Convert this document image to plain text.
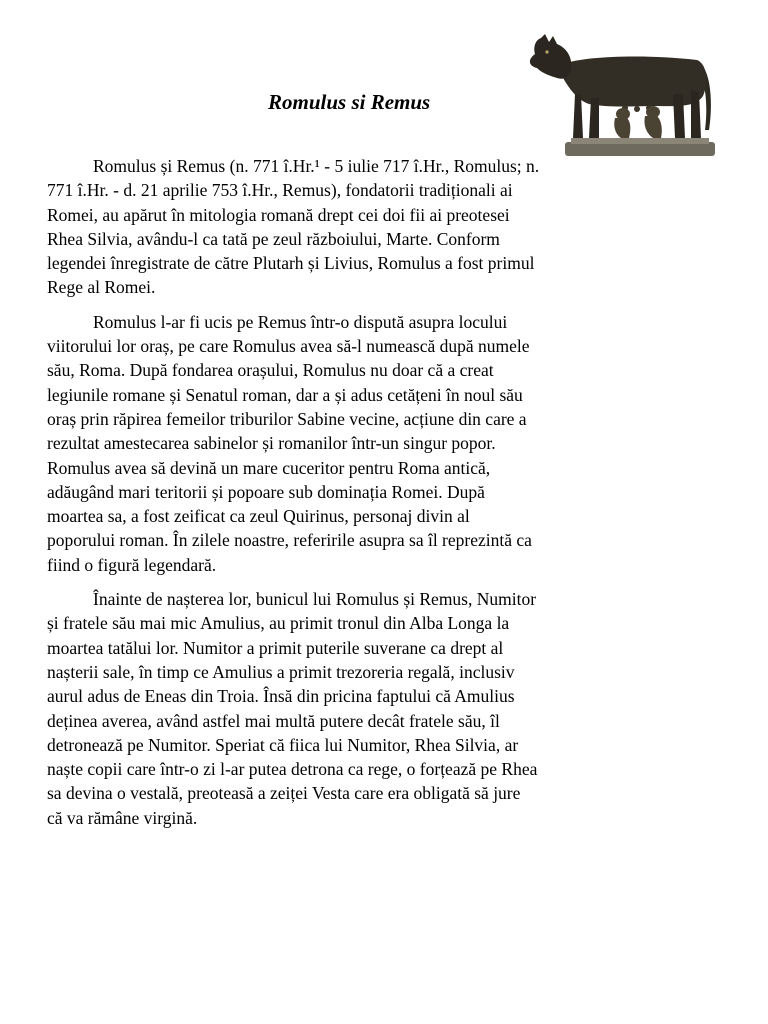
Romulus si Remus

Romulus și Remus (n. 771 î.Hr.¹ - 5 iulie 717 î.Hr., Romulus; n.
771 î.Hr. - d. 21 aprilie 753 î.Hr., Remus), fondatorii tradiționali ai
Romei, au apărut în mitologia romană drept cei doi fii ai preotesei
Rhea Silvia, avându-l ca tată pe zeul războiului, Marte. Conform
legendei înregistrate de către Plutarh și Livius, Romulus a fost primul
Rege al Romei.

Romulus l-ar fi ucis pe Remus într-o dispută asupra locului
viitorului lor oraș, pe care Romulus avea să-l numească după numele
său, Roma. După fondarea orașului, Romulus nu doar că a creat
legiunile romane și Senatul roman, dar a și adus cetățeni în noul său
oraș prin răpirea femeilor triburilor Sabine vecine, acțiune din care a
rezultat amestecarea sabinelor și romanilor într-un singur popor.
Romulus avea să devină un mare cuceritor pentru Roma antică,
adăugând mari teritorii și popoare sub dominația Romei. După
moartea sa, a fost zeificat ca zeul Quirinus, personaj divin al
poporului roman. În zilele noastre, referirile asupra sa îl reprezintă ca
fiind o figură legendară.

Înainte de nașterea lor, bunicul lui Romulus și Remus, Numitor
și fratele său mai mic Amulius, au primit tronul din Alba Longa la
moartea tatălui lor. Numitor a primit puterile suverane ca drept al
nașterii sale, în timp ce Amulius a primit trezoreria regală, inclusiv
aurul adus de Eneas din Troia. Însă din pricina faptului că Amulius
deținea averea, având astfel mai multă putere decât fratele său, îl
detronează pe Numitor. Speriat că fiica lui Numitor, Rhea Silvia, ar
naște copii care într-o zi l-ar putea detrona ca rege, o forțează pe Rhea
sa devina o vestală, preoteasă a zeiței Vesta care era obligată să jure
că va rămâne virgină.
